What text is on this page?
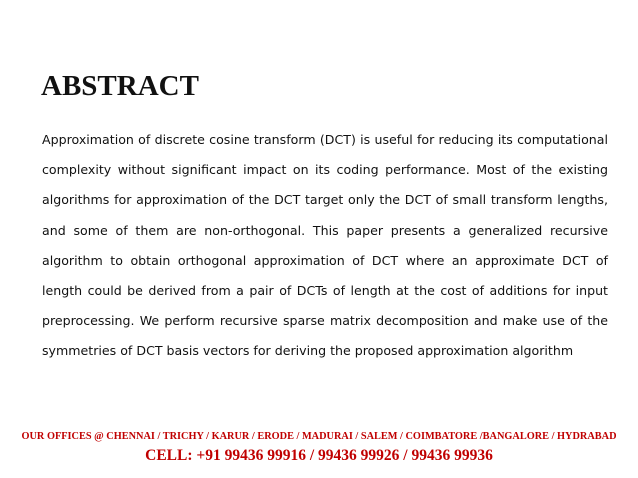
ABSTRACT

Approximation of discrete cosine transform (DCT) is useful for reducing its computational complexity without significant impact on its coding performance. Most of the existing algorithms for approximation of the DCT target only the DCT of small transform lengths, and some of them are non-orthogonal. This paper presents a generalized recursive algorithm to obtain orthogonal approximation of DCT where an approximate DCT of length could be derived from a pair of DCTs of length at the cost of additions for input preprocessing. We perform recursive sparse matrix decomposition and make use of the symmetries of DCT basis vectors for deriving the proposed approximation algorithm

OUR OFFICES @ CHENNAI / TRICHY / KARUR / ERODE / MADURAI / SALEM / COIMBATORE /BANGALORE / HYDRABAD
CELL: +91 99436 99916 / 99436 99926 / 99436 99936
